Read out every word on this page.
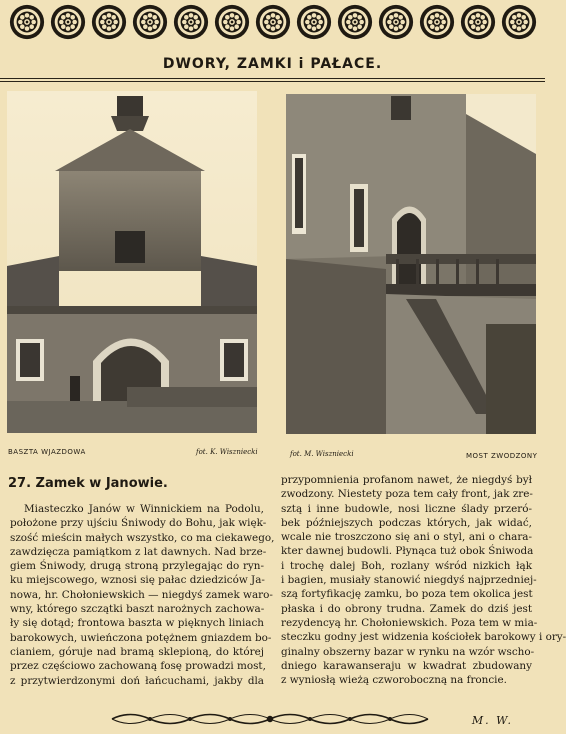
DWORY, ZAMKI i PAŁACE.
BASZTA WJAZDOWA	fot. K. Wiszniecki	fot. M. Wiszniecki	MOST ZWODZONY
27. Zamek w Janowie.
Miasteczko Janów w Winnickiem na Podolu,
położone przy ujściu Śniwody do Bohu, jak więk-
szość mieścin małych wszystko, co ma ciekawego,
zawdzięcza pamiątkom z lat dawnych. Nad brze-
giem Śniwody, drugą stroną przylegając do ryn-
ku miejscowego, wznosi się pałac dziedziców Ja-
nowa, hr. Chołoniewskich — niegdyś zamek waro-
wny, którego szczątki baszt narożnych zachowa-
ły się dotąd; frontowa baszta w pięknych liniach
barokowych, uwieńczona potężnem gniazdem bo-
cianiem, góruje nad bramą sklepioną, do której
przez częściowo zachowaną fosę prowadzi most,
z przytwierdzonymi doń łańcuchami, jakby dla
przypomnienia profanom nawet, że niegdyś był
zwodzony. Niestety poza tem cały front, jak zre-
sztą i inne budowle, nosi liczne ślady przeró-
bek późniejszych podczas których, jak widać,
wcale nie troszczono się ani o styl, ani o chara-
kter dawnej budowli. Płynąca tuż obok Śniwoda
i trochę dalej Boh, rozlany wśród nizkich łąk
i bagien, musiały stanowić niegdyś najprzedniej-
szą fortyfikację zamku, bo poza tem okolica jest
płaska i do obrony trudna. Zamek do dziś jest
rezydencyą hr. Chołoniewskich. Poza tem w mia-
steczku godny jest widzenia kościołek barokowy i ory-
ginalny obszerny bazar w rynku na wzór wscho-
dniego karawanseraju w kwadrat zbudowany
z wyniosłą wieżą czworoboczną na froncie.
M. W.
